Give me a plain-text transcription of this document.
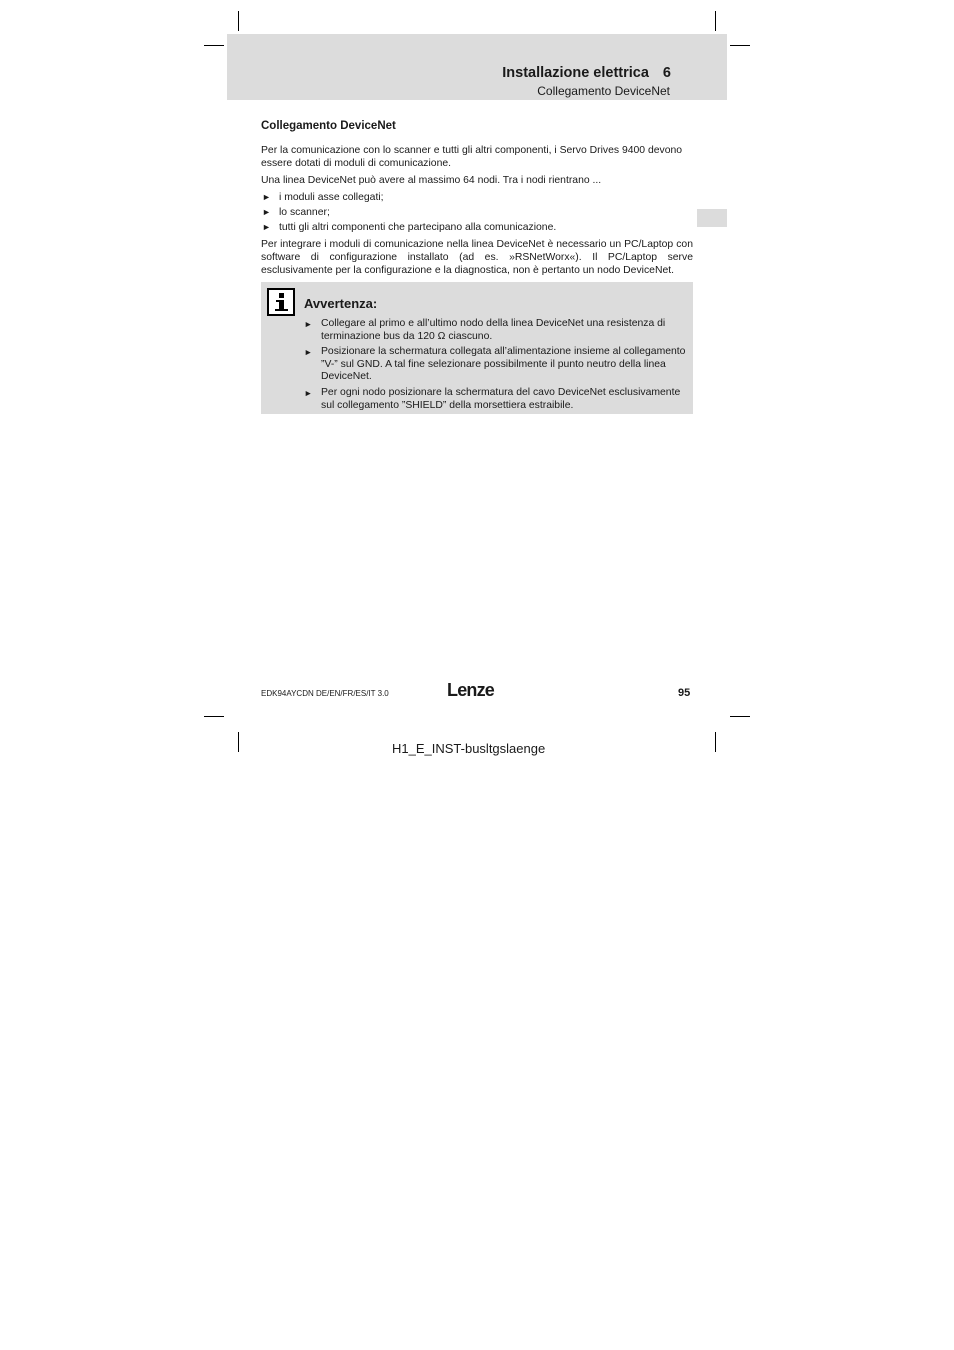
Installazione elettrica 6
Collegamento DeviceNet
Collegamento DeviceNet

Per la comunicazione con lo scanner e tutti gli altri componenti, i Servo Drives 9400 devono essere dotati di moduli di comunicazione.

Una linea DeviceNet può avere al massimo 64 nodi. Tra i nodi rientrano ...

► i moduli asse collegati;
► lo scanner;
► tutti gli altri componenti che partecipano alla comunicazione.

Per integrare i moduli di comunicazione nella linea DeviceNet è necessario un PC/Laptop con software di configurazione installato (ad es. »RSNetWorx«). Il PC/Laptop serve esclusivamente per la configurazione e la diagnostica, non è pertanto un nodo DeviceNet.

Avvertenza:
► Collegare al primo e all’ultimo nodo della linea DeviceNet una resistenza di terminazione bus da 120 Ω ciascuno.
► Posizionare la schermatura collegata all’alimentazione insieme al collegamento ”V-” sul GND. A tal fine selezionare possibilmente il punto neutro della linea DeviceNet.
► Per ogni nodo posizionare la schermatura del cavo DeviceNet esclusivamente sul collegamento ”SHIELD” della morsettiera estraibile.
EDK94AYCDN DE/EN/FR/ES/IT 3.0	Lenze	95
H1_E_INST-busltgslaenge
